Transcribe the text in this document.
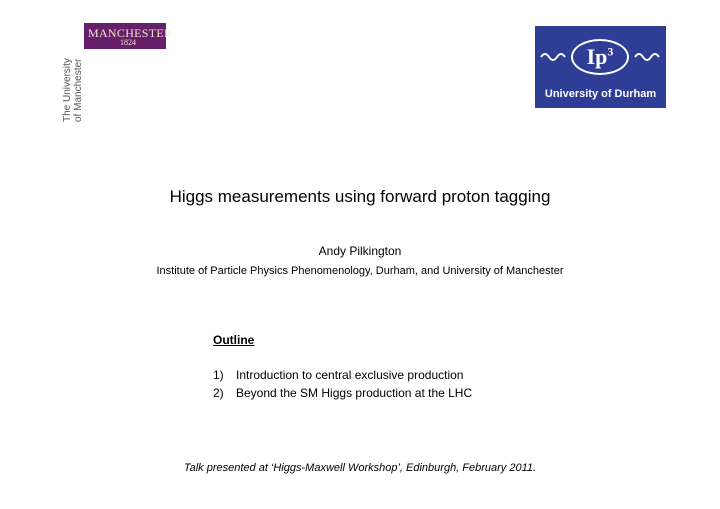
MANCHESTER
1824
The University of Manchester
Ip$^3$
University of Durham
Higgs measurements using forward proton tagging
Andy Pilkington
Institute of Particle Physics Phenomenology, Durham, and University of Manchester
Outline
1) Introduction to central exclusive production
2) Beyond the SM Higgs production at the LHC
Talk presented at ‘Higgs-Maxwell Workshop’, Edinburgh, February 2011.
